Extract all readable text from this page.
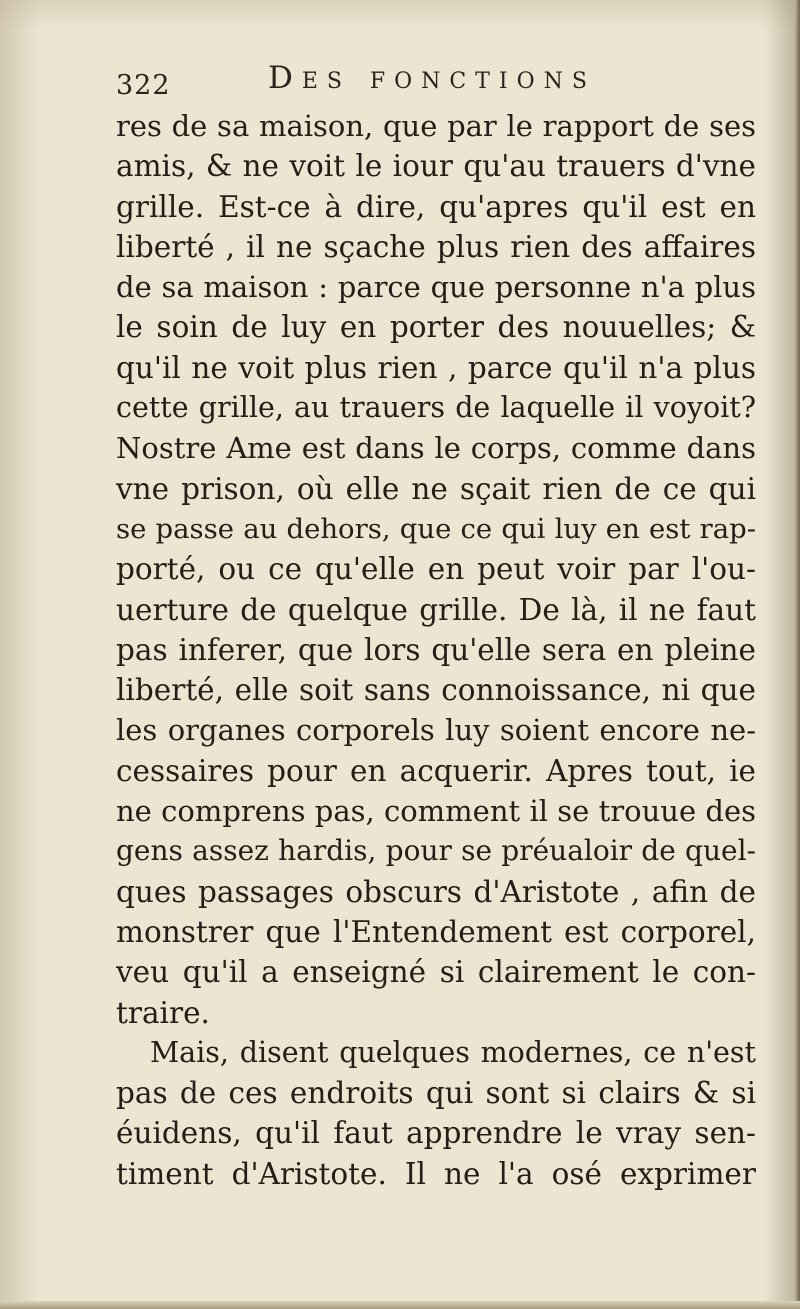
322	Des fonctions
res de sa maison, que par le rapport de ses
amis, & ne voit le iour qu'au trauers d'vne
grille. Est-ce à dire, qu'apres qu'il est en
liberté , il ne sçache plus rien des affaires
de sa maison : parce que personne n'a plus
le soin de luy en porter des nouuelles; &
qu'il ne voit plus rien , parce qu'il n'a plus
cette grille, au trauers de laquelle il voyoit?
Nostre Ame est dans le corps, comme dans
vne prison, où elle ne sçait rien de ce qui
se passe au dehors, que ce qui luy en est rap-
porté, ou ce qu'elle en peut voir par l'ou-
uerture de quelque grille. De là, il ne faut
pas inferer, que lors qu'elle sera en pleine
liberté, elle soit sans connoissance, ni que
les organes corporels luy soient encore ne-
cessaires pour en acquerir. Apres tout, ie
ne comprens pas, comment il se trouue des
gens assez hardis, pour se préualoir de quel-
ques passages obscurs d'Aristote , afin de
monstrer que l'Entendement est corporel,
veu qu'il a enseigné si clairement le con-
traire.
Mais, disent quelques modernes, ce n'est
pas de ces endroits qui sont si clairs & si
éuidens, qu'il faut apprendre le vray sen-
timent d'Aristote. Il ne l'a osé exprimer
